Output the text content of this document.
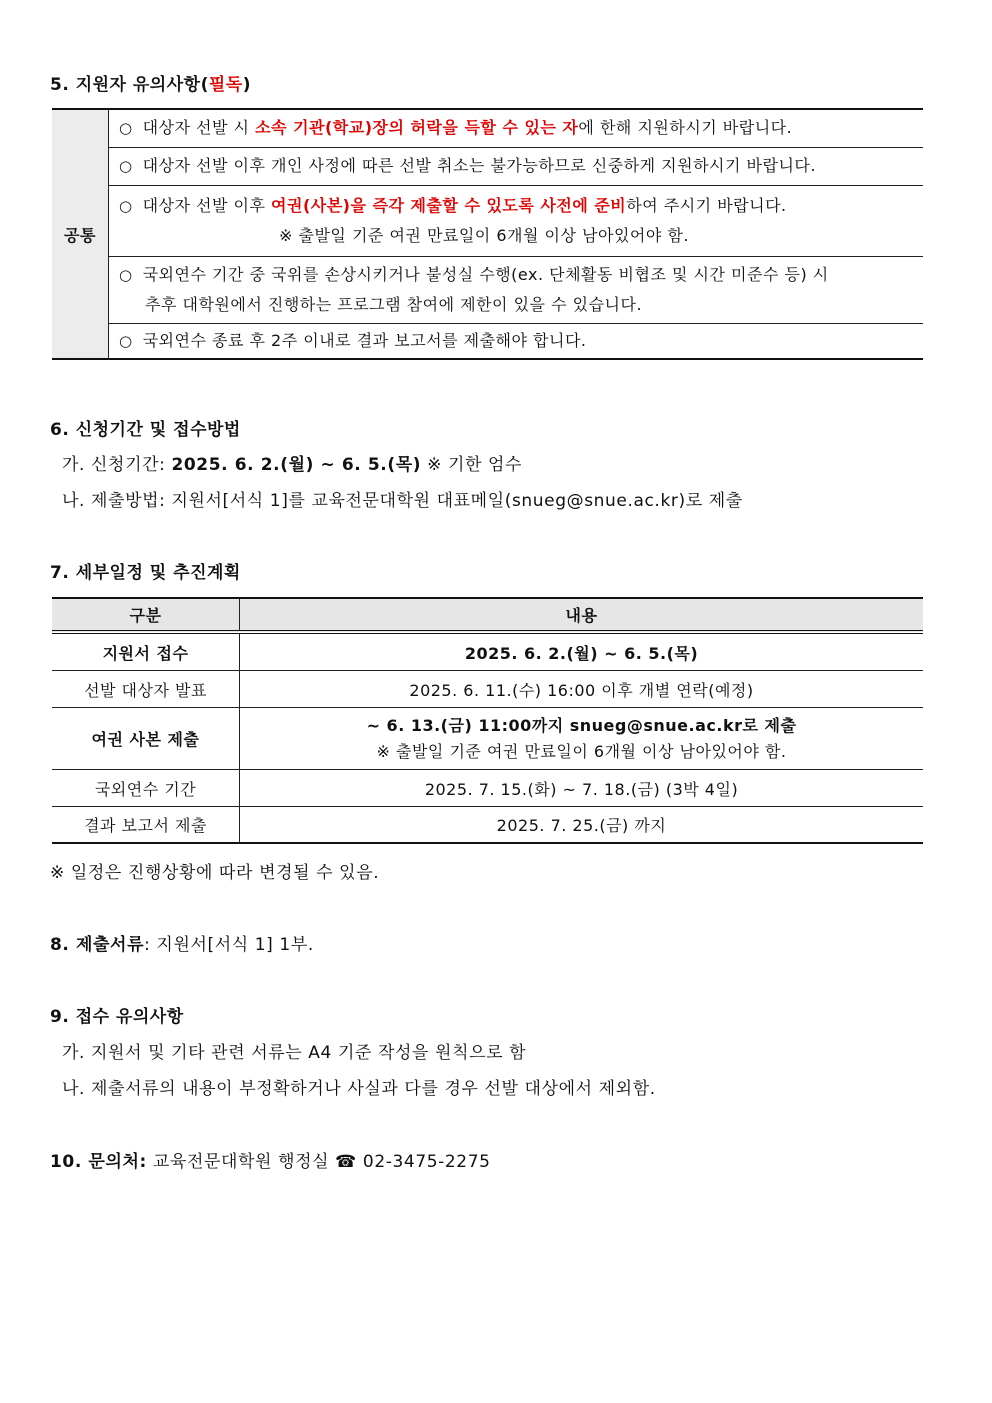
5. 지원자 유의사항(필독)
공통	○ 대상자 선발 시 소속 기관(학교)장의 허락을 득할 수 있는 자에 한해 지원하시기 바랍니다.
○ 대상자 선발 이후 개인 사정에 따른 선발 취소는 불가능하므로 신중하게 지원하시기 바랍니다.
○ 대상자 선발 이후 여권(사본)을 즉각 제출할 수 있도록 사전에 준비하여 주시기 바랍니다.
※ 출발일 기준 여권 만료일이 6개월 이상 남아있어야 함.

○ 국외연수 기간 중 국위를 손상시키거나 불성실 수행(ex. 단체활동 비협조 및 시간 미준수 등) 시
추후 대학원에서 진행하는 프로그램 참여에 제한이 있을 수 있습니다.

○ 국외연수 종료 후 2주 이내로 결과 보고서를 제출해야 합니다.
6. 신청기간 및 접수방법
가. 신청기간: 2025. 6. 2.(월) ~ 6. 5.(목) ※ 기한 엄수
나. 제출방법: 지원서[서식 1]를 교육전문대학원 대표메일(snueg@snue.ac.kr)로 제출
7. 세부일정 및 추진계획
구분	내용
지원서 접수	2025. 6. 2.(월) ~ 6. 5.(목)
선발 대상자 발표	2025. 6. 11.(수) 16:00 이후 개별 연락(예정)
여권 사본 제출	~ 6. 13.(금) 11:00까지 snueg@snue.ac.kr로 제출
※ 출발일 기준 여권 만료일이 6개월 이상 남아있어야 함.

국외연수 기간	2025. 7. 15.(화) ~ 7. 18.(금) (3박 4일)
결과 보고서 제출	2025. 7. 25.(금) 까지
※ 일정은 진행상황에 따라 변경될 수 있음.
8. 제출서류: 지원서[서식 1] 1부.
9. 접수 유의사항
가. 지원서 및 기타 관련 서류는 A4 기준 작성을 원칙으로 함
나. 제출서류의 내용이 부정확하거나 사실과 다를 경우 선발 대상에서 제외함.
10. 문의처: 교육전문대학원 행정실 ☎ 02-3475-2275
